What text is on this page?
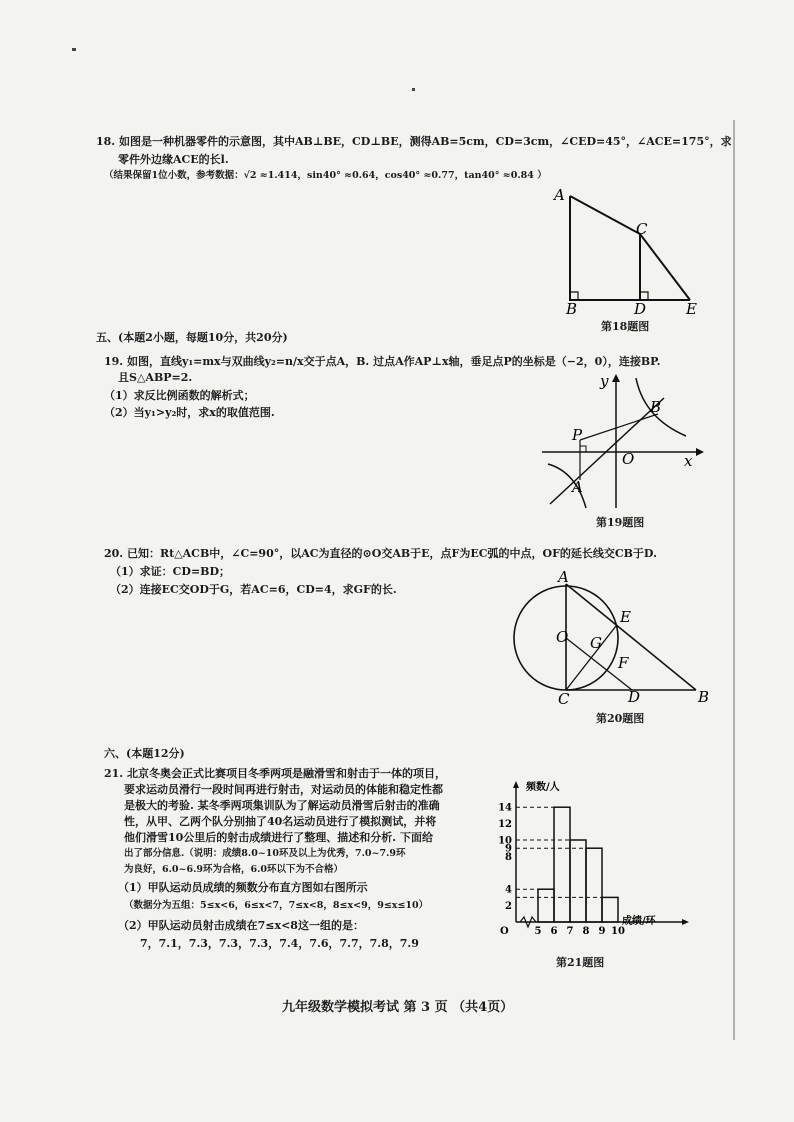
18. 如图是一种机器零件的示意图，其中AB⊥BE，CD⊥BE，测得AB=5cm，CD=3cm，∠CED=45°，∠ACE=175°，求
零件外边缘ACE的长l.
（结果保留1位小数，参考数据：√2 ≈1.414，sin40° ≈0.64，cos40° ≈0.77，tan40° ≈0.84 ）
A
C
B	D	E
第18题图
五、(本题2小题，每题10分，共20分)
19. 如图，直线y₁=mx与双曲线y₂=n/x交于点A，B. 过点A作AP⊥x轴，垂足点P的坐标是（−2，0），连接BP.
且S△ABP=2.
（1）求反比例函数的解析式；
（2）当y₁>y₂时，求x的取值范围.
y
B
P
O	x
A
第19题图
20. 已知：Rt△ACB中，∠C=90°，以AC为直径的⊙O交AB于E，点F为EC弧的中点，OF的延长线交CB于D.
（1）求证：CD=BD；
（2）连接EC交OD于G，若AC=6，CD=4，求GF的长.
A
E
O G
F
C	D	B
第20题图
六、(本题12分)
21. 北京冬奥会正式比赛项目冬季两项是融滑雪和射击于一体的项目，
要求运动员滑行一段时间再进行射击，对运动员的体能和稳定性都
是极大的考验. 某冬季两项集训队为了解运动员滑雪后射击的准确
性，从甲、乙两个队分别抽了40名运动员进行了模拟测试，并将
他们滑雪10公里后的射击成绩进行了整理、描述和分析. 下面给
出了部分信息.（说明：成绩8.0~10环及以上为优秀，7.0~7.9环
为良好，6.0~6.9环为合格，6.0环以下为不合格）
（1）甲队运动员成绩的频数分布直方图如右图所示
（数据分为五组：5≤x<6，6≤x<7，7≤x<8，8≤x<9，9≤x≤10）
（2）甲队运动员射击成绩在7≤x<8这一组的是：
7，7.1，7.3，7.3，7.3，7.4，7.6，7.7，7.8，7.9
2
4
8
9
10
12
14
5 6 7 8 9 10
O
频数/人
成绩/环
第21题图
九年级数学模拟考试 第 3 页 （共4页）
